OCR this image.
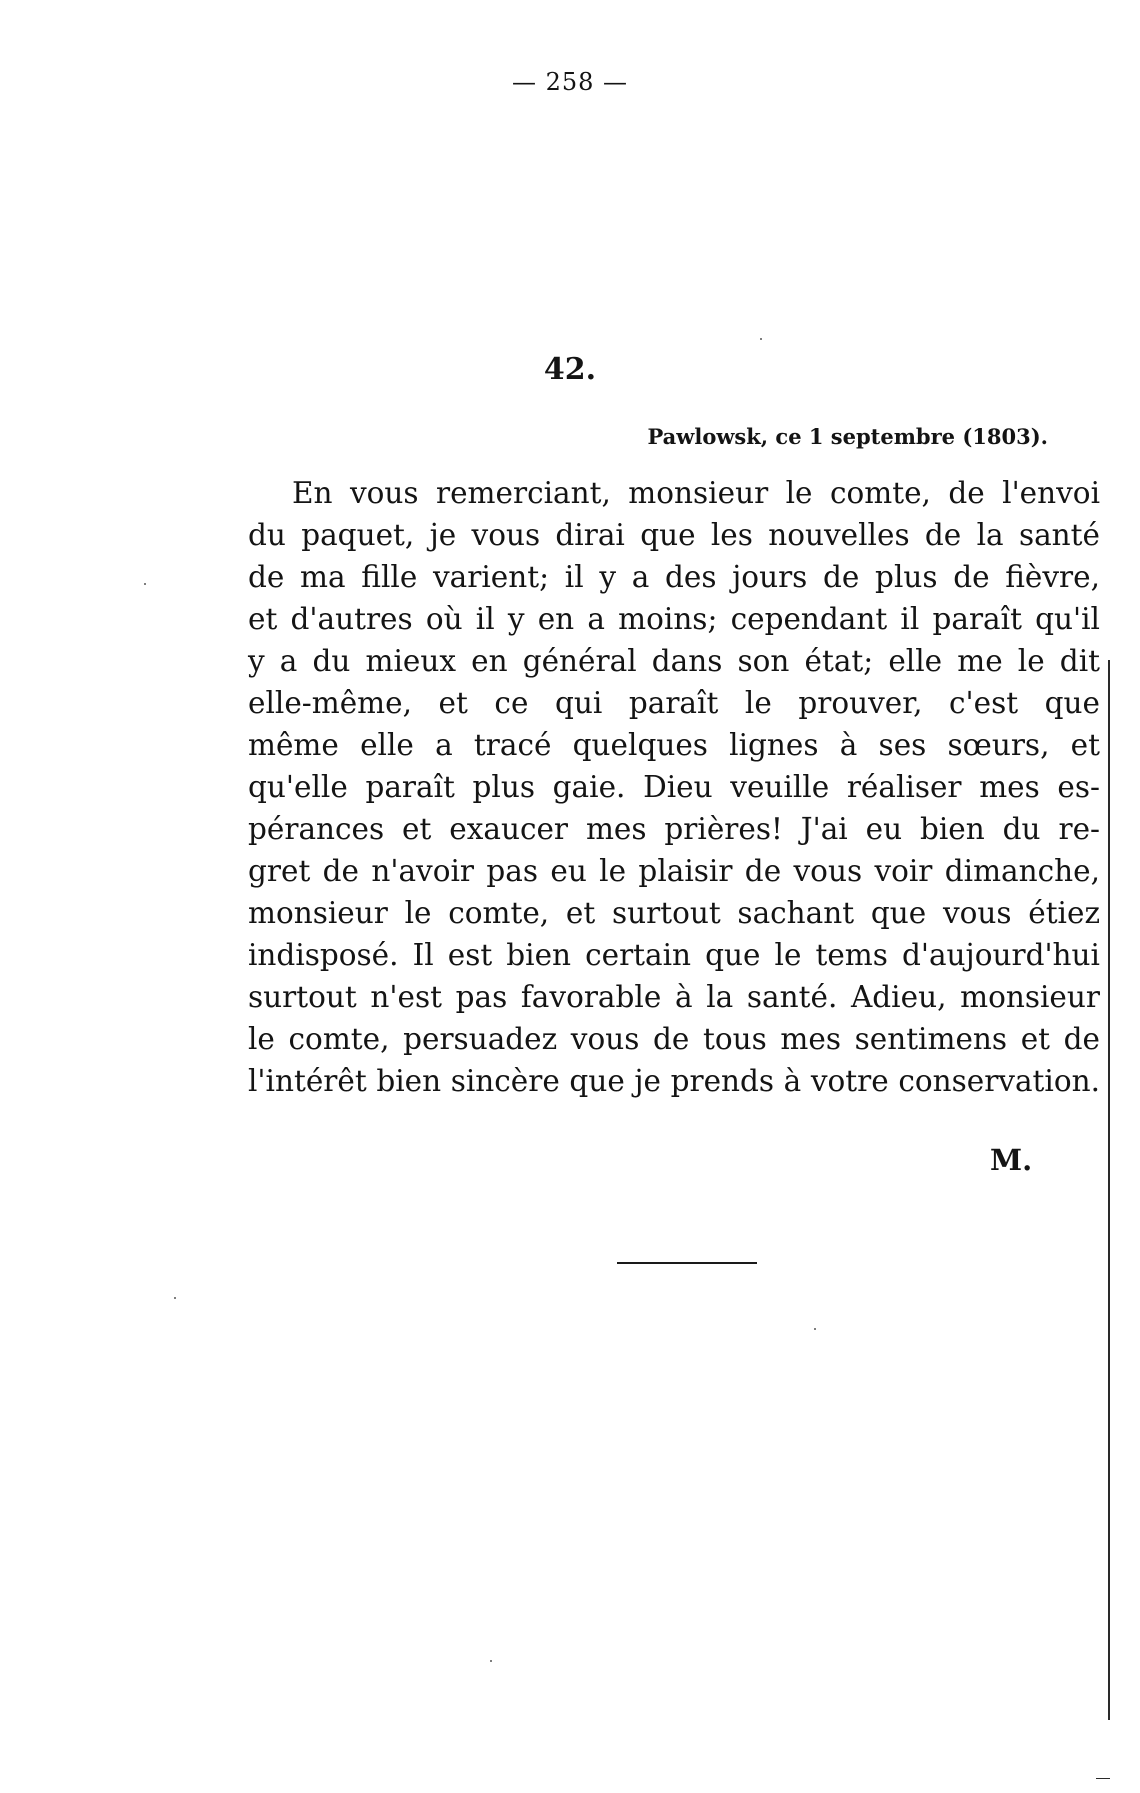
— 258 —
42.
Pawlowsk, ce 1 septembre (1803).

En vous remerciant, monsieur le comte, de l'envoi
du paquet, je vous dirai que les nouvelles de la santé
de ma fille varient; il y a des jours de plus de fièvre,
et d'autres où il y en a moins; cependant il paraît qu'il
y a du mieux en général dans son état; elle me le dit
elle-même, et ce qui paraît le prouver, c'est que
même elle a tracé quelques lignes à ses sœurs, et
qu'elle paraît plus gaie. Dieu veuille réaliser mes es-
pérances et exaucer mes prières! J'ai eu bien du re-
gret de n'avoir pas eu le plaisir de vous voir dimanche,
monsieur le comte, et surtout sachant que vous étiez
indisposé. Il est bien certain que le tems d'aujourd'hui
surtout n'est pas favorable à la santé. Adieu, monsieur
le comte, persuadez vous de tous mes sentimens et de
l'intérêt bien sincère que je prends à votre conservation.

M.
